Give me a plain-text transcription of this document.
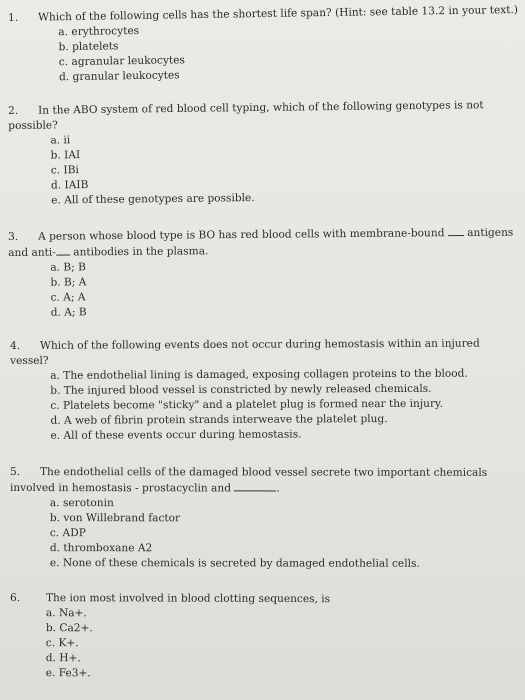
1. Which of the following cells has the shortest life span? (Hint: see table 13.2 in your text.)
a. erythrocytes
b. platelets
c. agranular leukocytes
d. granular leukocytes
2. In the ABO system of red blood cell typing, which of the following genotypes is not
possible?
a. ii
b. IAI
c. IBi
d. IAIB
e. All of these genotypes are possible.
3. A person whose blood type is BO has red blood cells with membrane-bound antigens
and anti- antibodies in the plasma.
a. B; B
b. B; A
c. A; A
d. A; B
4. Which of the following events does not occur during hemostasis within an injured
vessel?
a. The endothelial lining is damaged, exposing collagen proteins to the blood.
b. The injured blood vessel is constricted by newly released chemicals.
c. Platelets become "sticky" and a platelet plug is formed near the injury.
d. A web of fibrin protein strands interweave the platelet plug.
e. All of these events occur during hemostasis.
5. The endothelial cells of the damaged blood vessel secrete two important chemicals
involved in hemostasis - prostacyclin and	.
a. serotonin
b. von Willebrand factor
c. ADP
d. thromboxane A2
e. None of these chemicals is secreted by damaged endothelial cells.
6. The ion most involved in blood clotting sequences, is
a. Na+.
b. Ca2+.
c. K+.
d. H+.
e. Fe3+.
